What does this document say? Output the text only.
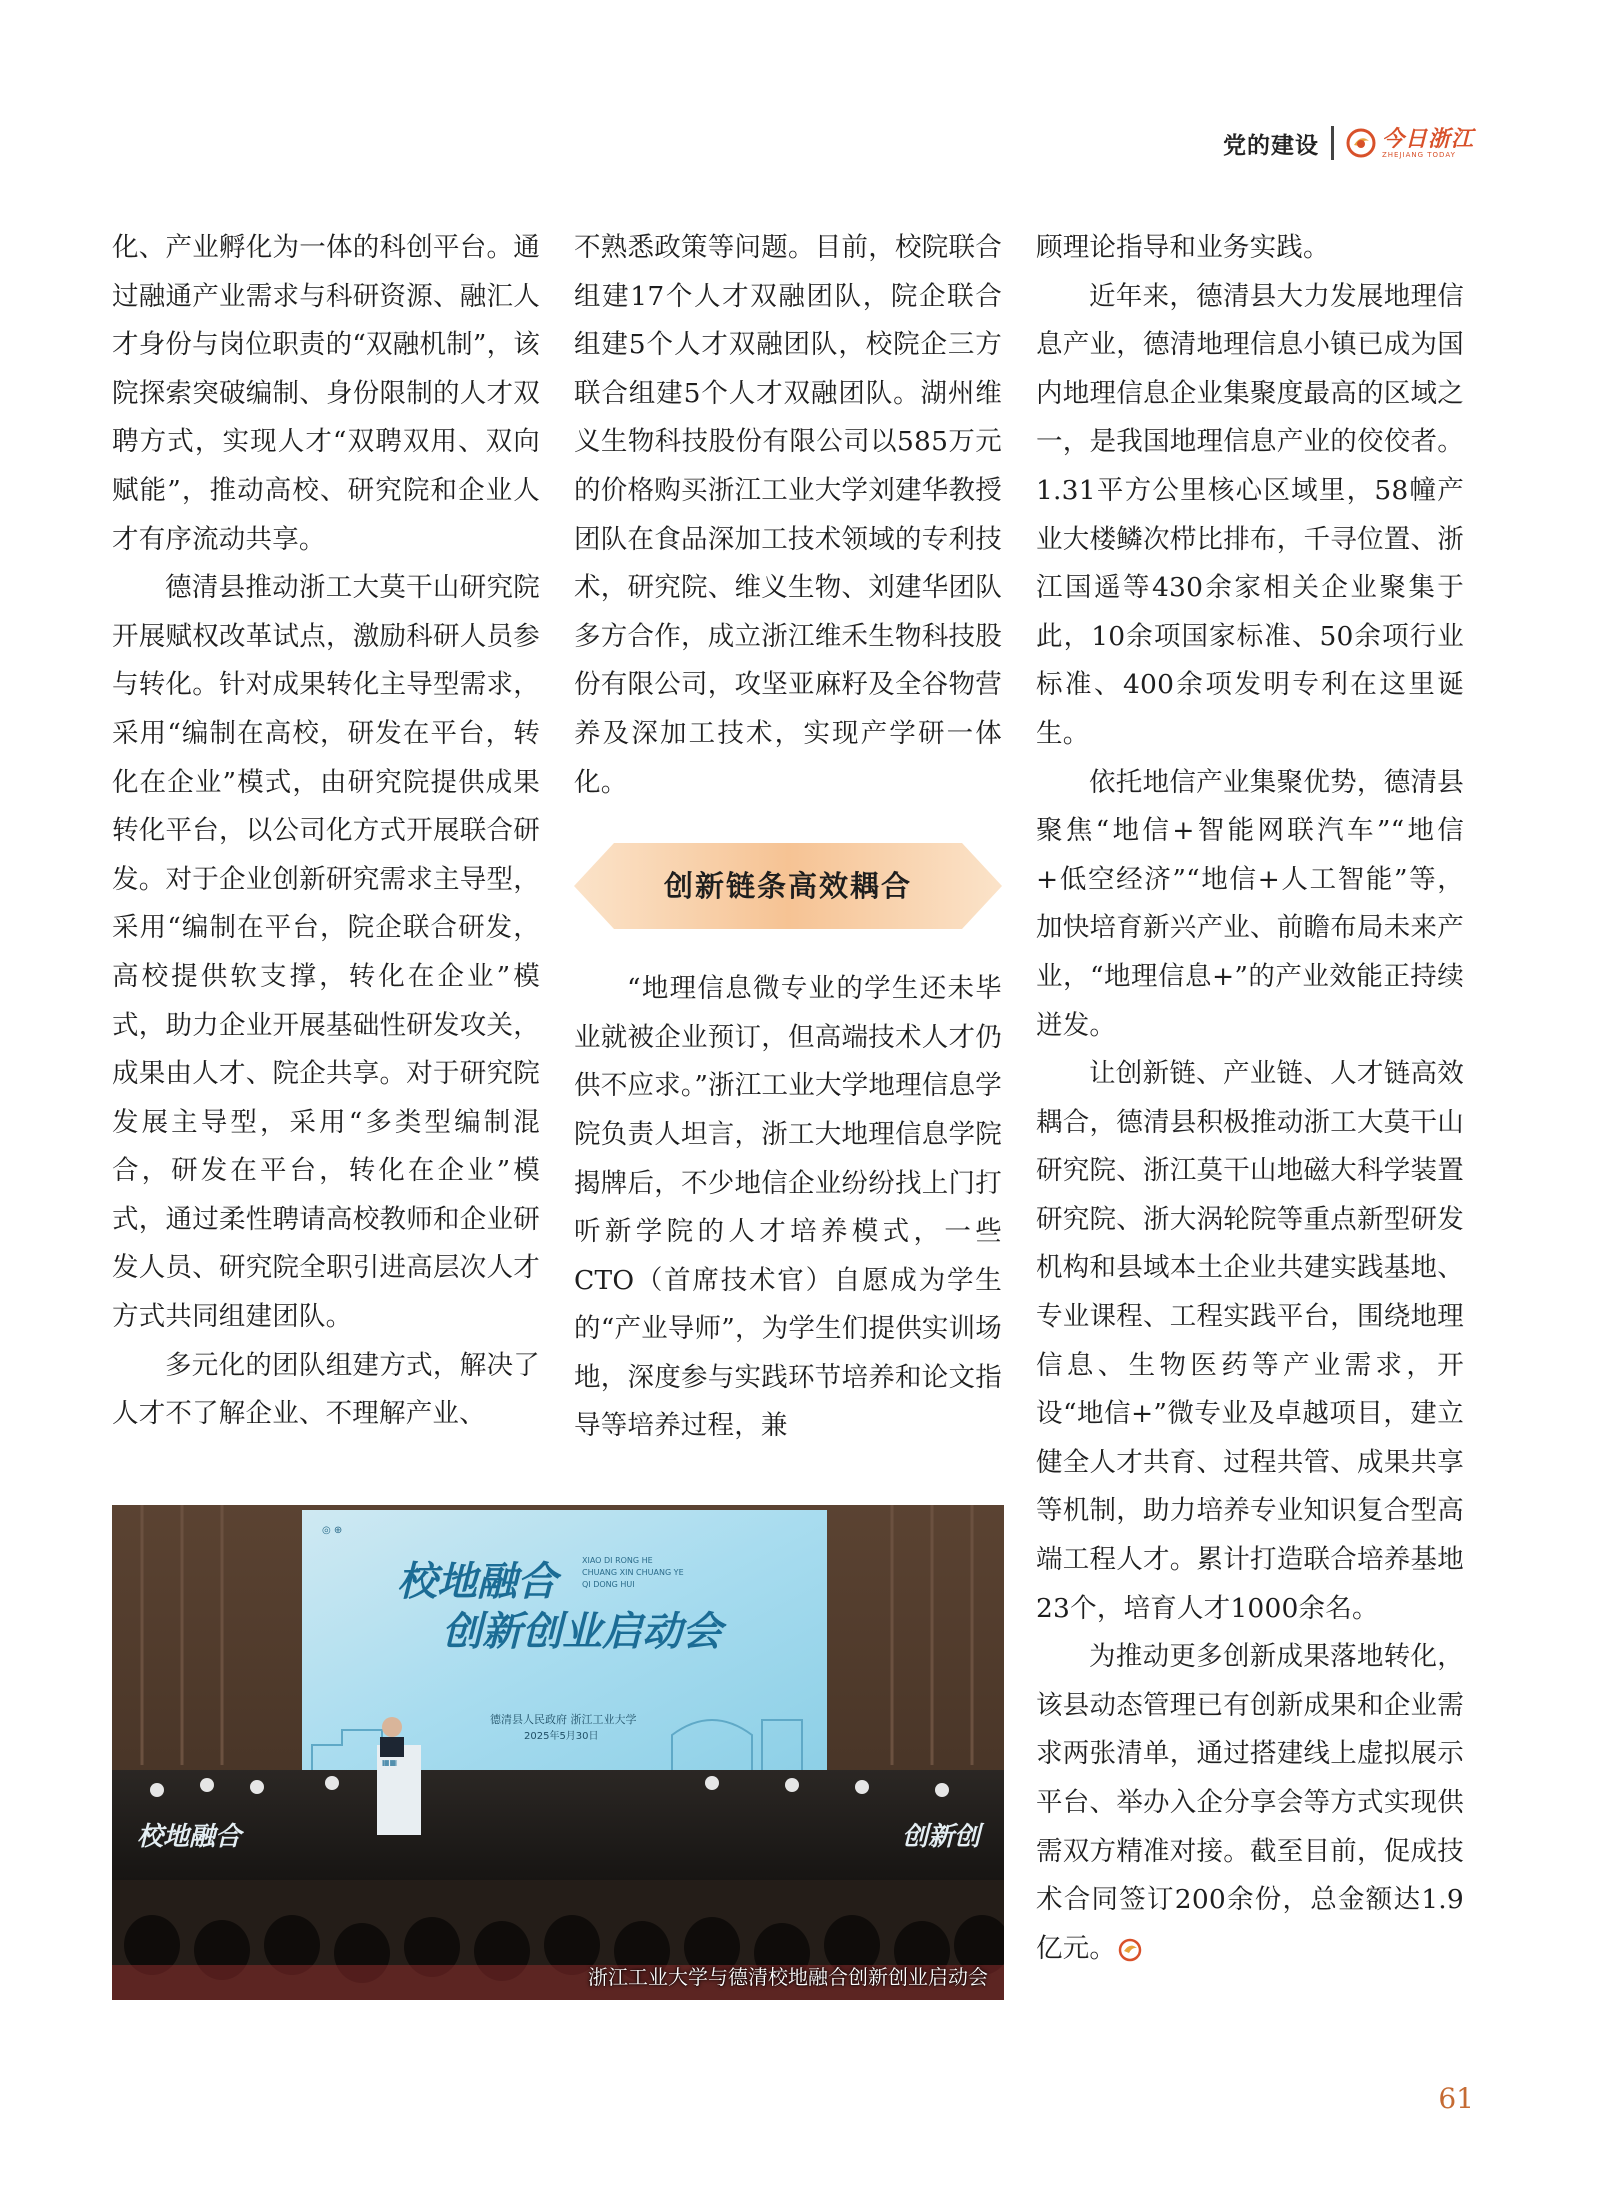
党的建设	今日浙江
ZHEJIANG TODAY

化、产业孵化为一体的科创平台。通过融通产业需求与科研资源、融汇人才身份与岗位职责的“双融机制”，该院探索突破编制、身份限制的人才双聘方式，实现人才“双聘双用、双向赋能”，推动高校、研究院和企业人才有序流动共享。

德清县推动浙工大莫干山研究院开展赋权改革试点，激励科研人员参与转化。针对成果转化主导型需求，采用“编制在高校，研发在平台，转化在企业”模式，由研究院提供成果转化平台，以公司化方式开展联合研发。对于企业创新研究需求主导型，采用“编制在平台，院企联合研发，高校提供软支撑，转化在企业”模式，助力企业开展基础性研发攻关，成果由人才、院企共享。对于研究院发展主导型，采用“多类型编制混合，研发在平台，转化在企业”模式，通过柔性聘请高校教师和企业研发人员、研究院全职引进高层次人才方式共同组建团队。

多元化的团队组建方式，解决了人才不了解企业、不理解产业、

不熟悉政策等问题。目前，校院联合组建17个人才双融团队，院企联合组建5个人才双融团队，校院企三方联合组建5个人才双融团队。湖州维义生物科技股份有限公司以585万元的价格购买浙江工业大学刘建华教授团队在食品深加工技术领域的专利技术，研究院、维义生物、刘建华团队多方合作，成立浙江维禾生物科技股份有限公司，攻坚亚麻籽及全谷物营养及深加工技术，实现产学研一体化。

创新链条高效耦合

“地理信息微专业的学生还未毕业就被企业预订，但高端技术人才仍供不应求。”浙江工业大学地理信息学院负责人坦言，浙工大地理信息学院揭牌后，不少地信企业纷纷找上门打听新学院的人才培养模式，一些CTO（首席技术官）自愿成为学生的“产业导师”，为学生们提供实训场地，深度参与实践环节培养和论文指导等培养过程，兼

顾理论指导和业务实践。

近年来，德清县大力发展地理信息产业，德清地理信息小镇已成为国内地理信息企业集聚度最高的区域之一，是我国地理信息产业的佼佼者。1.31平方公里核心区域里，58幢产业大楼鳞次栉比排布，千寻位置、浙江国遥等430余家相关企业聚集于此，10余项国家标准、50余项行业标准、400余项发明专利在这里诞生。

依托地信产业集聚优势，德清县聚焦“地信+智能网联汽车”“地信+低空经济”“地信+人工智能”等，加快培育新兴产业、前瞻布局未来产业，“地理信息+”的产业效能正持续迸发。

让创新链、产业链、人才链高效耦合，德清县积极推动浙工大莫干山研究院、浙江莫干山地磁大科学装置研究院、浙大涡轮院等重点新型研发机构和县域本土企业共建实践基地、专业课程、工程实践平台，围绕地理信息、生物医药等产业需求，开设“地信+”微专业及卓越项目，建立健全人才共育、过程共管、成果共享等机制，助力培养专业知识复合型高端工程人才。累计打造联合培养基地23个，培育人才1000余名。

为推动更多创新成果落地转化，该县动态管理已有创新成果和企业需求两张清单，通过搭建线上虚拟展示平台、举办入企分享会等方式实现供需双方精准对接。截至目前，促成技术合同签订200余份，总金额达1.9亿元。

◎ ⊕
校地融合
创新创业启动会
XIAO DI RONG HE
CHUANG XIN CHUANG YE
QI DONG HUI
德清县人民政府 浙江工业大学
2025年5月30日
校地融合	创新创
▦▦
浙江工业大学与德清校地融合创新创业启动会
61
